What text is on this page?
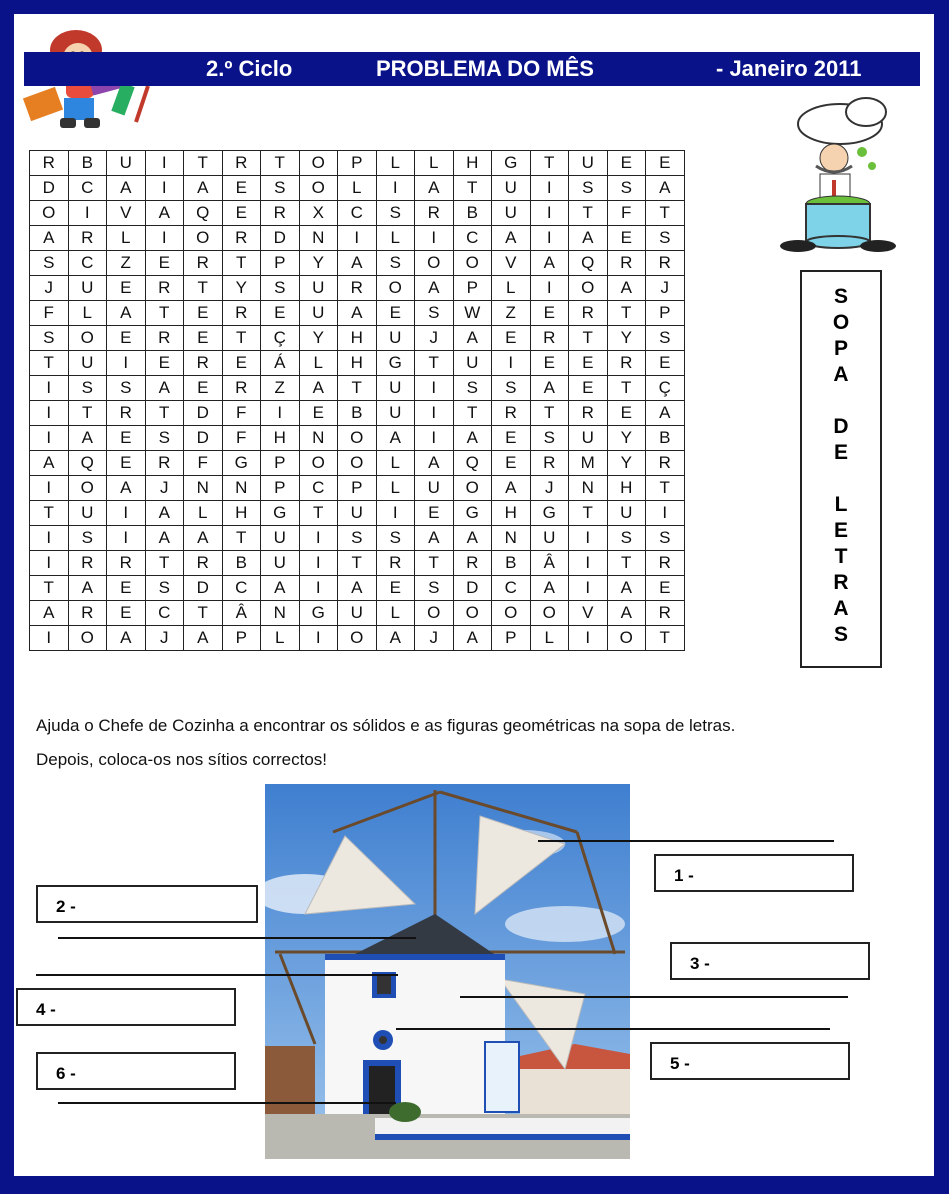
2.º Ciclo	PROBLEMA DO MÊS	- Janeiro 2011
R	B	U	I	T	R	T	O	P	L	L	H	G	T	U	E	E
D	C	A	I	A	E	S	O	L	I	A	T	U	I	S	S	A
O	I	V	A	Q	E	R	X	C	S	R	B	U	I	T	F	T
A	R	L	I	O	R	D	N	I	L	I	C	A	I	A	E	S
S	C	Z	E	R	T	P	Y	A	S	O	O	V	A	Q	R	R
J	U	E	R	T	Y	S	U	R	O	A	P	L	I	O	A	J
F	L	A	T	E	R	E	U	A	E	S	W	Z	E	R	T	P
S	O	E	R	E	T	Ç	Y	H	U	J	A	E	R	T	Y	S
T	U	I	E	R	E	Á	L	H	G	T	U	I	E	E	R	E
I	S	S	A	E	R	Z	A	T	U	I	S	S	A	E	T	Ç
I	T	R	T	D	F	I	E	B	U	I	T	R	T	R	E	A
I	A	E	S	D	F	H	N	O	A	I	A	E	S	U	Y	B
A	Q	E	R	F	G	P	O	O	L	A	Q	E	R	M	Y	R
I	O	A	J	N	N	P	C	P	L	U	O	A	J	N	H	T
T	U	I	A	L	H	G	T	U	I	E	G	H	G	T	U	I
I	S	I	A	A	T	U	I	S	S	A	A	N	U	I	S	S
I	R	R	T	R	B	U	I	T	R	T	R	B	Â	I	T	R
T	A	E	S	D	C	A	I	A	E	S	D	C	A	I	A	E
A	R	E	C	T	Â	N	G	U	L	O	O	O	O	V	A	R
I	O	A	J	A	P	L	I	O	A	J	A	P	L	I	O	T
S
O
P
A
D
E
L
E
T
R
A
S
Ajuda o Chefe de Cozinha a encontrar os sólidos e as figuras geométricas na sopa de letras.
Depois, coloca-os nos sítios correctos!
1 -
2 -
3 -
4 -
5 -
6 -
